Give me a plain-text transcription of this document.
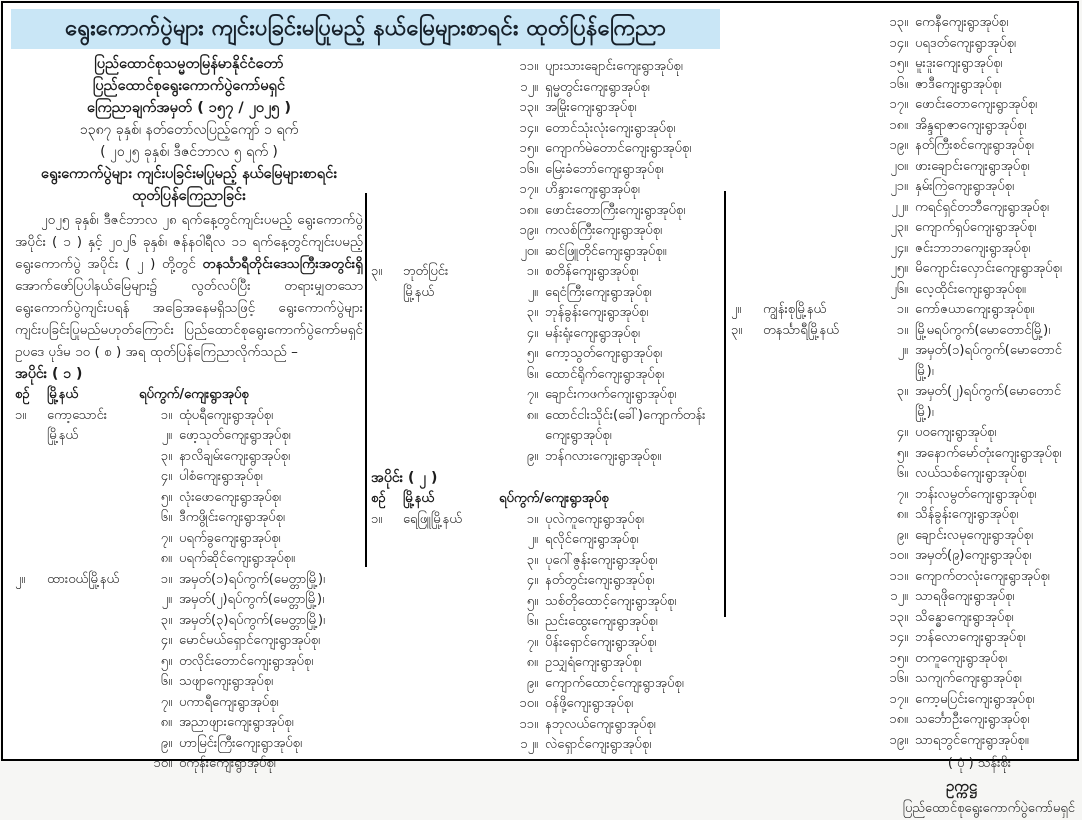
ရွေးကောက်ပွဲများ ကျင်းပခြင်းမပြုမည့် နယ်မြေများစာရင်း ထုတ်ပြန်ကြေညာ
ပြည်ထောင်စုသမ္မတမြန်မာနိုင်ငံတော်
ပြည်ထောင်စုရွေးကောက်ပွဲကော်မရှင်
ကြေညာချက်အမှတ် ( ၁၅၇ / ၂၀၂၅ )
၁၃၈၇ ခုနှစ်၊ နတ်တော်လပြည့်ကျော် ၁ ရက်
( ၂၀၂၅ ခုနှစ်၊ ဒီဇင်ဘာလ ၅ ရက် )
ရွေးကောက်ပွဲများ ကျင်းပခြင်းမပြုမည့် နယ်မြေများစာရင်း
ထုတ်ပြန်ကြေညာခြင်း
၂၀၂၅ ခုနှစ်၊ ဒီဇင်ဘာလ ၂၈ ရက်နေ့တွင်ကျင်းပမည့် ရွေးကောက်ပွဲ အပိုင်း ( ၁ ) နှင့် ၂၀၂၆ ခုနှစ်၊ ဇန်နဝါရီလ ၁၁ ရက်နေ့တွင်ကျင်းပမည့် ရွေးကောက်ပွဲ အပိုင်း ( ၂ ) တို့တွင် တနင်္သာရီတိုင်းဒေသကြီးအတွင်းရှိ အောက်ဖော်ပြပါနယ်မြေများ၌ လွတ်လပ်ပြီး တရားမျှတသော ရွေးကောက်ပွဲကျင်းပရန် အခြေအနေမရှိသဖြင့် ရွေးကောက်ပွဲများ ကျင်းပခြင်းပြုမည်မဟုတ်ကြောင်း ပြည်ထောင်စုရွေးကောက်ပွဲကော်မရှင်ဥပဒေ ပုဒ်မ ၁၀ ( စ ) အရ ထုတ်ပြန်ကြေညာလိုက်သည် –
အပိုင်း ( ၁ )
စဉ်	မြို့နယ်	ရပ်ကွက်/ကျေးရွာအုပ်စု
၁။	ကော့သောင်း	၁။ ထုံပရီကျေးရွာအုပ်စု၊
မြို့နယ်	၂။ ဖော့သုတ်ကျေးရွာအုပ်စု၊
၃။ နာလိချမ်းကျေးရွာအုပ်စု၊
၄။ ပါစံကျေးရွာအုပ်စု၊
၅။ လုံးဖောကျေးရွာအုပ်စု၊
၆။ ဒီကဖွိုင်းကျေးရွာအုပ်စု၊
၇။ ပရက်ခွကျေးရွာအုပ်စု၊
၈။ ပရက်ဆိုင်ကျေးရွာအုပ်စု။
၂။	ထားဝယ်မြို့နယ်	၁။ အမှတ်(၁)ရပ်ကွက်(မေတ္တာမြို့)၊
၂။ အမှတ်(၂)ရပ်ကွက်(မေတ္တာမြို့)၊
၃။ အမှတ်(၃)ရပ်ကွက်(မေတ္တာမြို့)၊
၄။ မောင်မယ်ရှောင်ကျေးရွာအုပ်စု၊
၅။ တလိုင်းတောင်ကျေးရွာအုပ်စု၊
၆။ သဖျာကျေးရွာအုပ်စု၊
၇။ ပကာရီကျေးရွာအုပ်စု၊
၈။ အညာဖျားကျေးရွာအုပ်စု၊
၉။ ဟာမြင်းကြီးကျေးရွာအုပ်စု၊
၁၀။ ဝကုန်းကျေးရွာအုပ်စု၊
၁၁။ ပျားသားချောင်းကျေးရွာအုပ်စု၊
၁၂။ ရှမ္မတွင်းကျေးရွာအုပ်စု၊
၁၃။ အမြိုးကျေးရွာအုပ်စု၊
၁၄။ တောင်သုံးလုံးကျေးရွာအုပ်စု၊
၁၅။ ကျောက်မဲတောင်ကျေးရွာအုပ်စု၊
၁၆။ မြေးခံဘော်ကျေးရွာအုပ်စု၊
၁၇။ ဟိန္ဒားကျေးရွာအုပ်စု၊
၁၈။ ဖောင်းတောကြီးကျေးရွာအုပ်စု၊
၁၉။ ကလစ်ကြီးကျေးရွာအုပ်စု၊
၂၀။ ဆင်ဖြူတိုင်ကျေးရွာအုပ်စု။
၃။	ဘုတ်ပြင်း	၁။ စတိန်ကျေးရွာအုပ်စု၊
မြို့နယ်	၂။ ရေငံကြီးကျေးရွာအုပ်စု၊
၃။ ဘုန်ခွန်းကျေးရွာအုပ်စု၊
၄။ မန်းရုံးကျေးရွာအုပ်စု၊
၅။ ကော့သွတ်ကျေးရွာအုပ်စု၊
၆။ ထောင်ရိုက်ကျေးရွာအုပ်စု၊
၇။ ချောင်းကဖက်ကျေးရွာအုပ်စု၊
၈။ ထောင်ငါးသိုင်း(ခေါ်)ကျောက်တန်း ကျေးရွာအုပ်စု၊
၉။ ဘန်ဂလားကျေးရွာအုပ်စု။
အပိုင်း ( ၂ )
စဉ်	မြို့နယ်	ရပ်ကွက်/ကျေးရွာအုပ်စု
၁။	ရေဖြူမြို့နယ်	၁။ ပုလဲကူကျေးရွာအုပ်စု၊
၂။ ရလိုင်ကျေးရွာအုပ်စု၊
၃။ ပုဂေါ်ဇွန်းကျေးရွာအုပ်စု၊
၄။ နတ်တွင်းကျေးရွာအုပ်စု၊
၅။ သစ်တိုထောင့်ကျေးရွာအုပ်စု၊
၆။ ညင်းထွေးကျေးရွာအုပ်စု၊
၇။ ပိန်းရှောင်ကျေးရွာအုပ်စု၊
၈။ ဥသျှရံကျေးရွာအုပ်စု၊
၉။ ကျောက်ထောင့်ကျေးရွာအုပ်စု၊
၁၀။ ဝန်ဖို့ကျေးရွာအုပ်စု၊
၁၁။ နဘုလယ်ကျေးရွာအုပ်စု၊
၁၂။ လဲရှောင်ကျေးရွာအုပ်စု၊
၁၃။ ကေနီကျေးရွာအုပ်စု၊
၁၄။ ပရဒတ်ကျေးရွာအုပ်စု၊
၁၅။ မူးဒူးကျေးရွာအုပ်စု၊
၁၆။ ဇာဒီကျေးရွာအုပ်စု၊
၁၇။ ဖောင်းတောကျေးရွာအုပ်စု၊
၁၈။ အိန္ဒရာဇာကျေးရွာအုပ်စု၊
၁၉။ နတ်ကြီးစင်ကျေးရွာအုပ်စု၊
၂၀။ ဖားချောင်းကျေးရွာအုပ်စု၊
၂၁။ နှမ်းကြဲကျေးရွာအုပ်စု၊
၂၂။ ကရင်ရှင်တဘီကျေးရွာအုပ်စု၊
၂၃။ ကျောက်ရှပ်ကျေးရွာအုပ်စု၊
၂၄။ ဇင်းဘာဘကျေးရွာအုပ်စု၊
၂၅။ မိကျောင်းလှောင်းကျေးရွာအုပ်စု၊
၂၆။ လေ့ထိုင်းကျေးရွာအုပ်စု။
၂။	ကျွန်းစုမြို့နယ်	၁။ ကော်ဇယာကျေးရွာအုပ်စု။
၃။	တနင်္သာရီမြို့နယ်	၁။ မြို့မရပ်ကွက်(မောတောင်မြို့)၊
၂။ အမှတ်(၁)ရပ်ကွက်(မောတောင်မြို့)၊
၃။ အမှတ်(၂)ရပ်ကွက်(မောတောင်မြို့)၊
၄။ ပဝကျေးရွာအုပ်စု၊
၅။ အနောက်မော်တုံးကျေးရွာအုပ်စု၊
၆။ လယ်သစ်ကျေးရွာအုပ်စု၊
၇။ ဘန်းလမွတ်ကျေးရွာအုပ်စု၊
၈။ သိန်ခွန်းကျေးရွာအုပ်စု၊
၉။ ချောင်းလမုကျေးရွာအုပ်စု၊
၁၀။ အမှတ်(၉)ကျေးရွာအုပ်စု၊
၁၁။ ကျောက်တလုံးကျေးရွာအုပ်စု၊
၁၂။ သာရဖိုကျေးရွာအုပ်စု၊
၁၃။ သိန္ဓောကျေးရွာအုပ်စု၊
၁၄။ ဘန်လောကျေးရွာအုပ်စု၊
၁၅။ တကူကျေးရွာအုပ်စု၊
၁၆။ သကျက်ကျေးရွာအုပ်စု၊
၁၇။ ကော့မပြင်းကျေးရွာအုပ်စု၊
၁၈။ သင်္ဘောဦးကျေးရွာအုပ်စု၊
၁၉။ သာရဘွင်ကျေးရွာအုပ်စု။
( ပုံ ) သန်းစိုး
ဥက္ကဋ္ဌ
ပြည်ထောင်စုရွေးကောက်ပွဲကော်မရှင်
